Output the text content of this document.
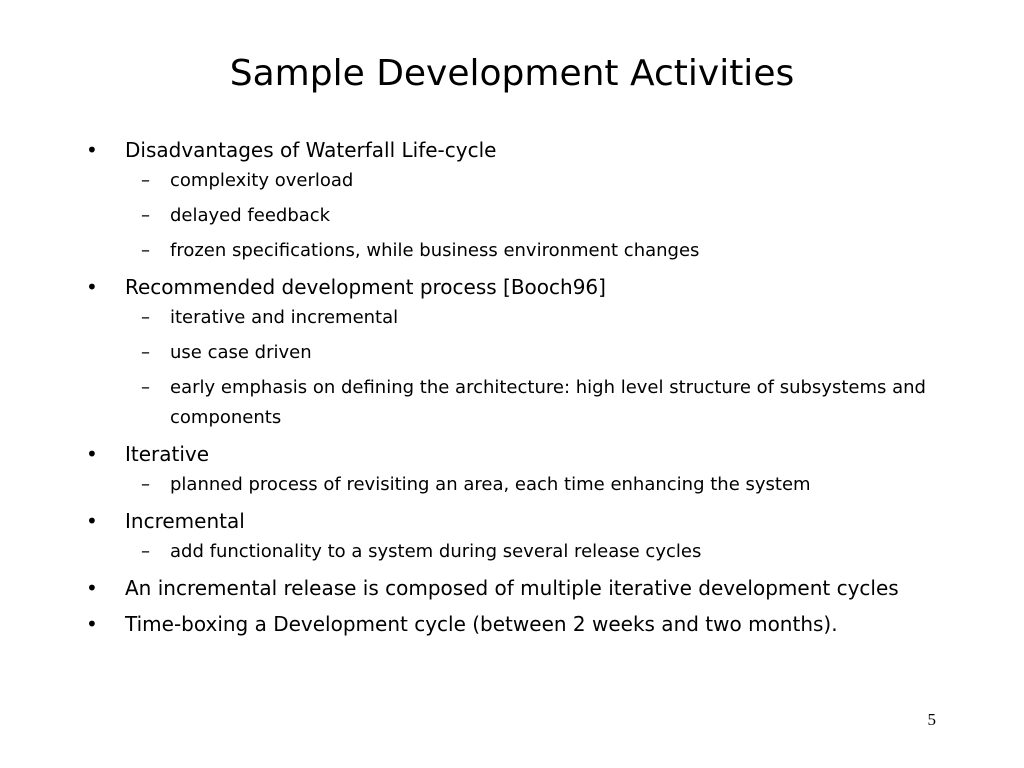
Sample Development Activities
• Disadvantages of Waterfall Life-cycle
– complexity overload
– delayed feedback
– frozen specifications, while business environment changes
• Recommended development process [Booch96]
– iterative and incremental
– use case driven
– early emphasis on defining the architecture: high level structure of subsystems and components
• Iterative
– planned process of revisiting an area, each time enhancing the system
• Incremental
– add functionality to a system during several release cycles
• An incremental release is composed of multiple iterative development cycles
• Time-boxing a Development cycle (between 2 weeks and two months).
5
